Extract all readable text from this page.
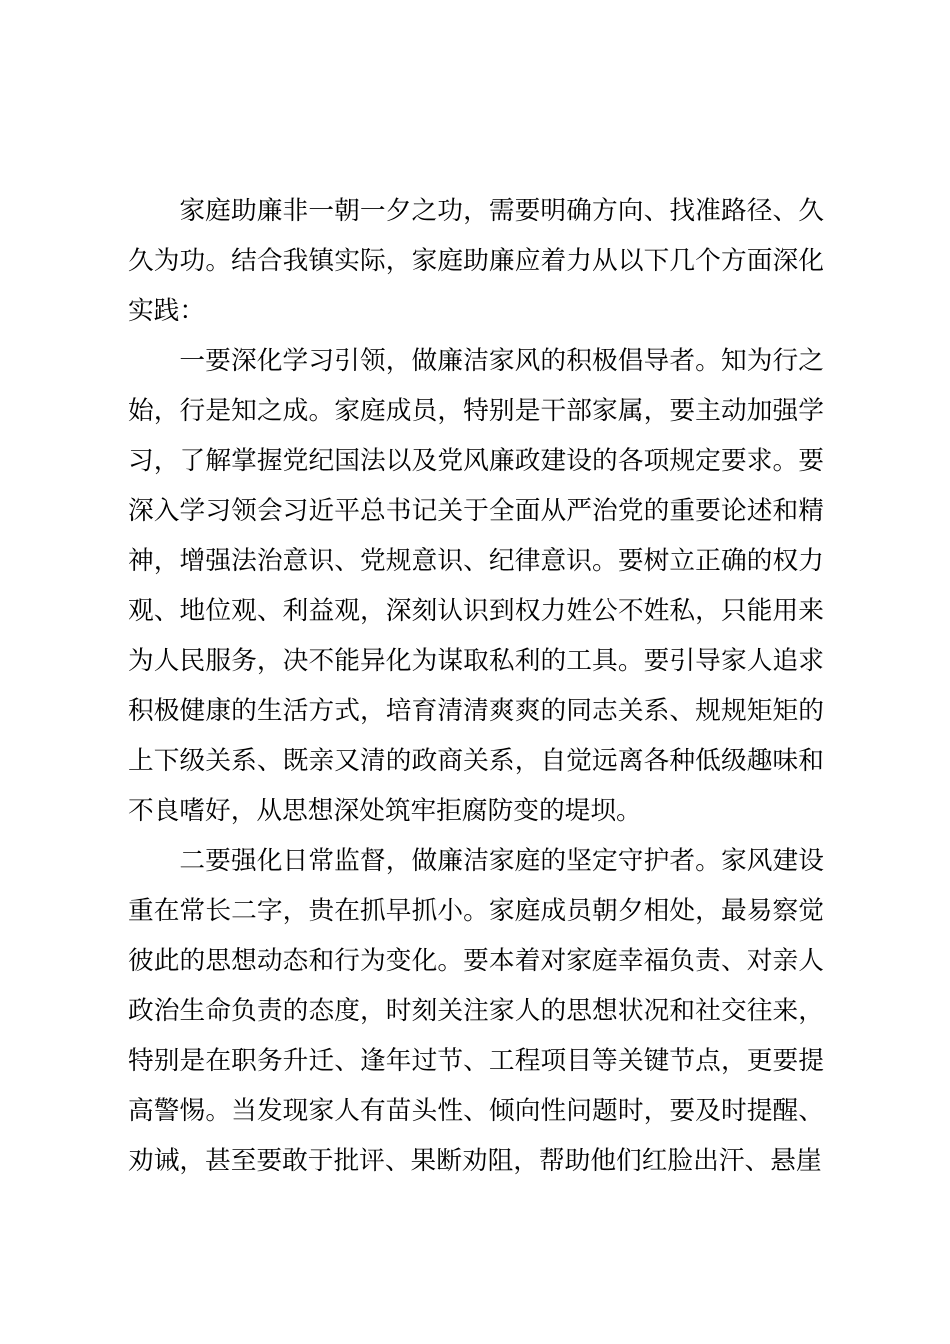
家庭助廉非一朝一夕之功，需要明确方向、找准路径、久久为功。结合我镇实际，家庭助廉应着力从以下几个方面深化实践：

一要深化学习引领，做廉洁家风的积极倡导者。知为行之始，行是知之成。家庭成员，特别是干部家属，要主动加强学习，了解掌握党纪国法以及党风廉政建设的各项规定要求。要深入学习领会习近平总书记关于全面从严治党的重要论述和精神，增强法治意识、党规意识、纪律意识。要树立正确的权力观、地位观、利益观，深刻认识到权力姓公不姓私，只能用来为人民服务，决不能异化为谋取私利的工具。要引导家人追求积极健康的生活方式，培育清清爽爽的同志关系、规规矩矩的上下级关系、既亲又清的政商关系，自觉远离各种低级趣味和不良嗜好，从思想深处筑牢拒腐防变的堤坝。

二要强化日常监督，做廉洁家庭的坚定守护者。家风建设重在常长二字，贵在抓早抓小。家庭成员朝夕相处，最易察觉彼此的思想动态和行为变化。要本着对家庭幸福负责、对亲人政治生命负责的态度，时刻关注家人的思想状况和社交往来，特别是在职务升迁、逢年过节、工程项目等关键节点，更要提高警惕。当发现家人有苗头性、倾向性问题时，要及时提醒、劝诫，甚至要敢于批评、果断劝阻，帮助他们红脸出汗、悬崖
